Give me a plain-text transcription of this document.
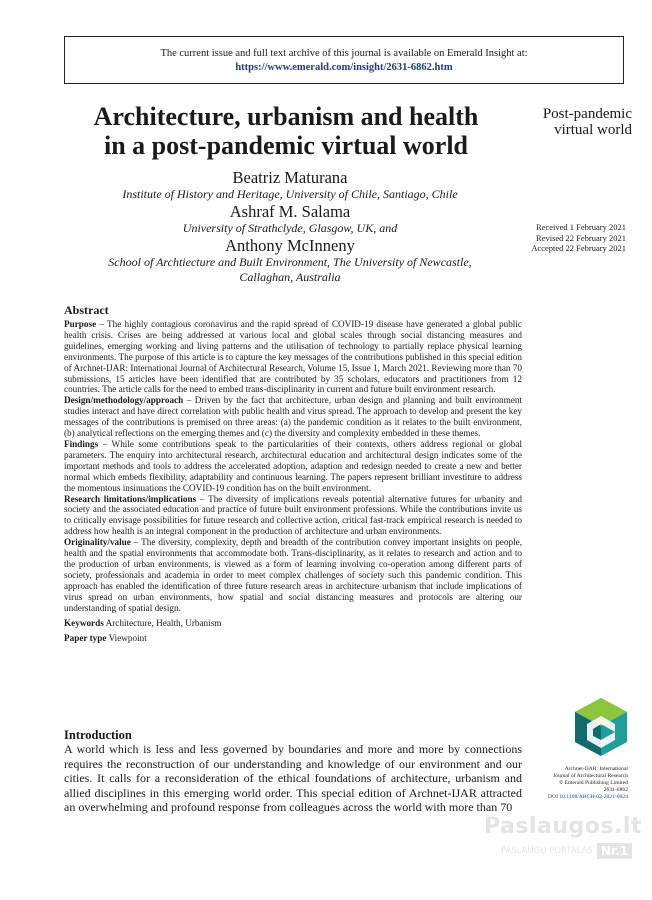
The current issue and full text archive of this journal is available on Emerald Insight at:
https://www.emerald.com/insight/2631-6862.htm
Architecture, urbanism and health
in a post-pandemic virtual world
Post-pandemic
virtual world
Beatriz Maturana
Institute of History and Heritage, University of Chile, Santiago, Chile
Ashraf M. Salama
University of Strathclyde, Glasgow, UK, and
Anthony McInneny
School of Archtiecture and Built Environment, The University of Newcastle,
Callaghan, Australia
Received 1 February 2021
Revised 22 February 2021
Accepted 22 February 2021
Abstract

Purpose – The highly contagious coronavirus and the rapid spread of COVID-19 disease have generated a global public health crisis. Crises are being addressed at various local and global scales through social distancing measures and guidelines, emerging working and living patterns and the utilisation of technology to partially replace physical learning environments. The purpose of this article is to capture the key messages of the contributions published in this special edition of Archnet-IJAR: International Journal of Architectural Research, Volume 15, Issue 1, March 2021. Reviewing more than 70 submissions, 15 articles have been identified that are contributed by 35 scholars, educators and practitioners from 12 countries. The article calls for the need to embed trans-disciplinarity in current and future built environment research.

Design/methodology/approach – Driven by the fact that architecture, urban design and planning and built environment studies interact and have direct correlation with public health and virus spread. The approach to develop and present the key messages of the contributions is premised on three areas: (a) the pandemic condition as it relates to the built environment, (b) analytical reflections on the emerging themes and (c) the diversity and complexity embedded in these themes.

Findings – While some contributions speak to the particularities of their contexts, others address regional or global parameters. The enquiry into architectural research, architectural education and architectural design indicates some of the important methods and tools to address the accelerated adoption, adaption and redesign needed to create a new and better normal which embeds flexibility, adaptability and continuous learning. The papers represent brilliant investiture to address the momentous insinuations the COVID-19 condition has on the built environment.

Research limitations/implications – The diversity of implications reveals potential alternative futures for urbanity and society and the associated education and practice of future built environment professions. While the contributions invite us to critically envisage possibilities for future research and collective action, critical fast-track empirical research is needed to address how health is an integral component in the production of architecture and urban environments.

Originality/value – The diversity, complexity, depth and breadth of the contribution convey important insights on people, health and the spatial environments that accommodate both. Trans-disciplinarity, as it relates to research and action and to the production of urban environments, is viewed as a form of learning involving co-operation among different parts of society, professionals and academia in order to meet complex challenges of society such this pandemic condition. This approach has enabled the identification of three future research areas in architecture urbanism that include implications of virus spread on urban environments, how spatial and social distancing measures and protocols are altering our understanding of spatial design.

Keywords Architecture, Health, Urbanism
Paper type Viewpoint
Introduction

A world which is less and less governed by boundaries and more and more by connections requires the reconstruction of our understanding and knowledge of our environment and our cities. It calls for a reconsideration of the ethical foundations of architecture, urbanism and allied disciplines in this emerging world order. This special edition of Archnet-IJAR attracted an overwhelming and profound response from colleagues across the world with more than 70

Archnet-IJAR: International
Journal of Architectural Research
© Emerald Publishing Limited
2631-6862
DOI 10.1108/ARCH-02-2021-0024
Paslaugos.lt
PASLAUGŲ PORTALAS Nr.1
